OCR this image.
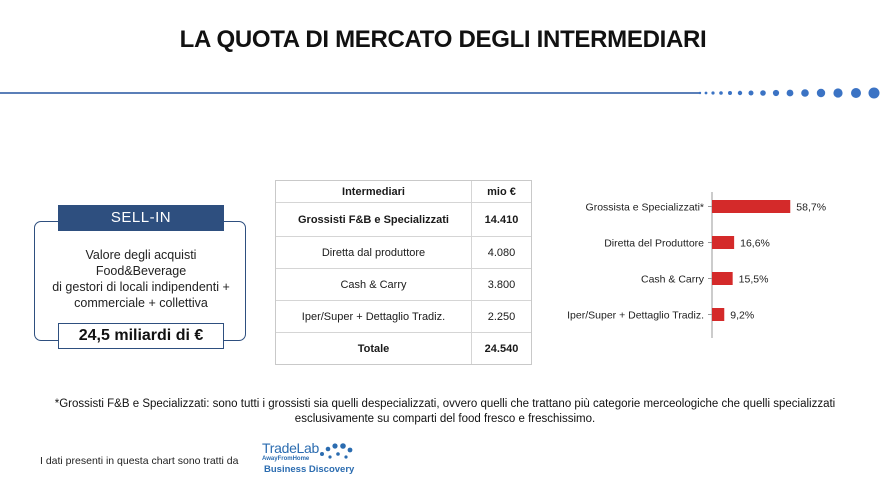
LA QUOTA DI MERCATO DEGLI INTERMEDIARI
SELL-IN
Valore degli acquisti
Food&Beverage
di gestori di locali indipendenti +
commerciale + collettiva
24,5 miliardi di €
Intermediari	mio €
Grossisti F&B e Specializzati	14.410
Diretta dal produttore	4.080
Cash & Carry	3.800
Iper/Super + Dettaglio Tradiz.	2.250
Totale	24.540
Grossista e Specializzati*	58,7%
Diretta del Produttore	16,6%
Cash & Carry	15,5%
Iper/Super + Dettaglio Tradiz.	9,2%
*Grossisti F&B e Specializzati: sono tutti i grossisti sia quelli despecializzati, ovvero quelli che trattano più categorie merceologiche che quelli specializzati esclusivamente su comparti del food fresco e freschissimo.
I dati presenti in questa chart sono tratti da
TradeLab
AwayFromHome
Business Discovery
